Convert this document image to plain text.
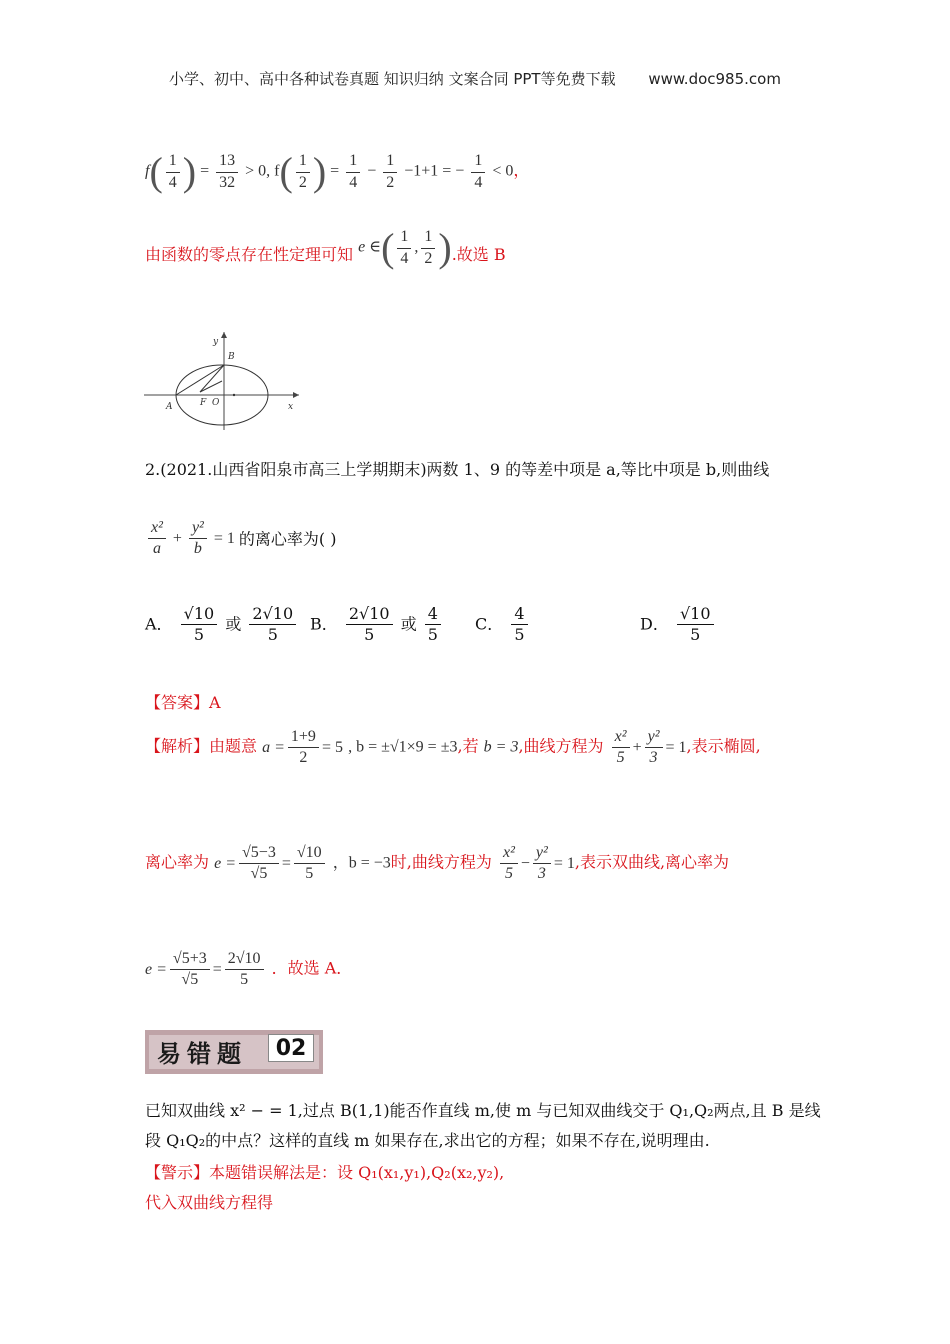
小学、初中、高中各种试卷真题 知识归纳 文案合同 PPT等免费下载 www.doc985.com
$f( \frac{1}{4}$ ) = $\frac{13}{32} > 0$, $f( \frac{1}{2}$ ) = $\frac{1}{4} - \frac{1}{2} -1+1$ = − $\frac{1}{4} < 0$，
由函数的零点存在性定理可知 e ∈( $\frac{1}{4}$ , $\frac{1}{2}$ ).故选 B
y
x
B
A	F O
2.(2021.山西省阳泉市高三上学期期末)两数 1、9 的等差中项是 a,等比中项是 b,则曲线
$\frac{\text{x²}}{a} + \frac{\text{y²}}{b} = 1$ 的离心率为( )
A． $\frac{√10}{5}$ 或 $\frac{2√10}{5}$ B． $\frac{2√10}{5}$ 或 $\frac{4}{5}$ C． $\frac{4}{5}$	D． $\frac{√10}{5}$
【答案】A
【解析】由题意 $a = \frac{1+9}{2} = 5$ , b = ±√1×9 = ±3,若 b = 3,曲线方程为 $\frac{\text{x²}}{5} + \frac{\text{y²}}{3} = 1$,表示椭圆,
离心率为 $e = \frac{√5-3}{√5} = \frac{√10}{5}$ ，b = −3时,曲线方程为 $\frac{\text{x²}}{5} - \frac{\text{y²}}{3} = 1$,表示双曲线,离心率为
$e = \frac{√5+3}{√5} = \frac{2√10}{5}$ ．故选 A．
易错题	02
已知双曲线 x² − = 1,过点 B(1,1)能否作直线 m,使 m 与已知双曲线交于 Q₁,Q₂两点,且 B 是线
段 Q₁Q₂的中点？这样的直线 m 如果存在,求出它的方程；如果不存在,说明理由.
【警示】本题错误解法是：设 Q₁(x₁,y₁),Q₂(x₂,y₂),
代入双曲线方程得
